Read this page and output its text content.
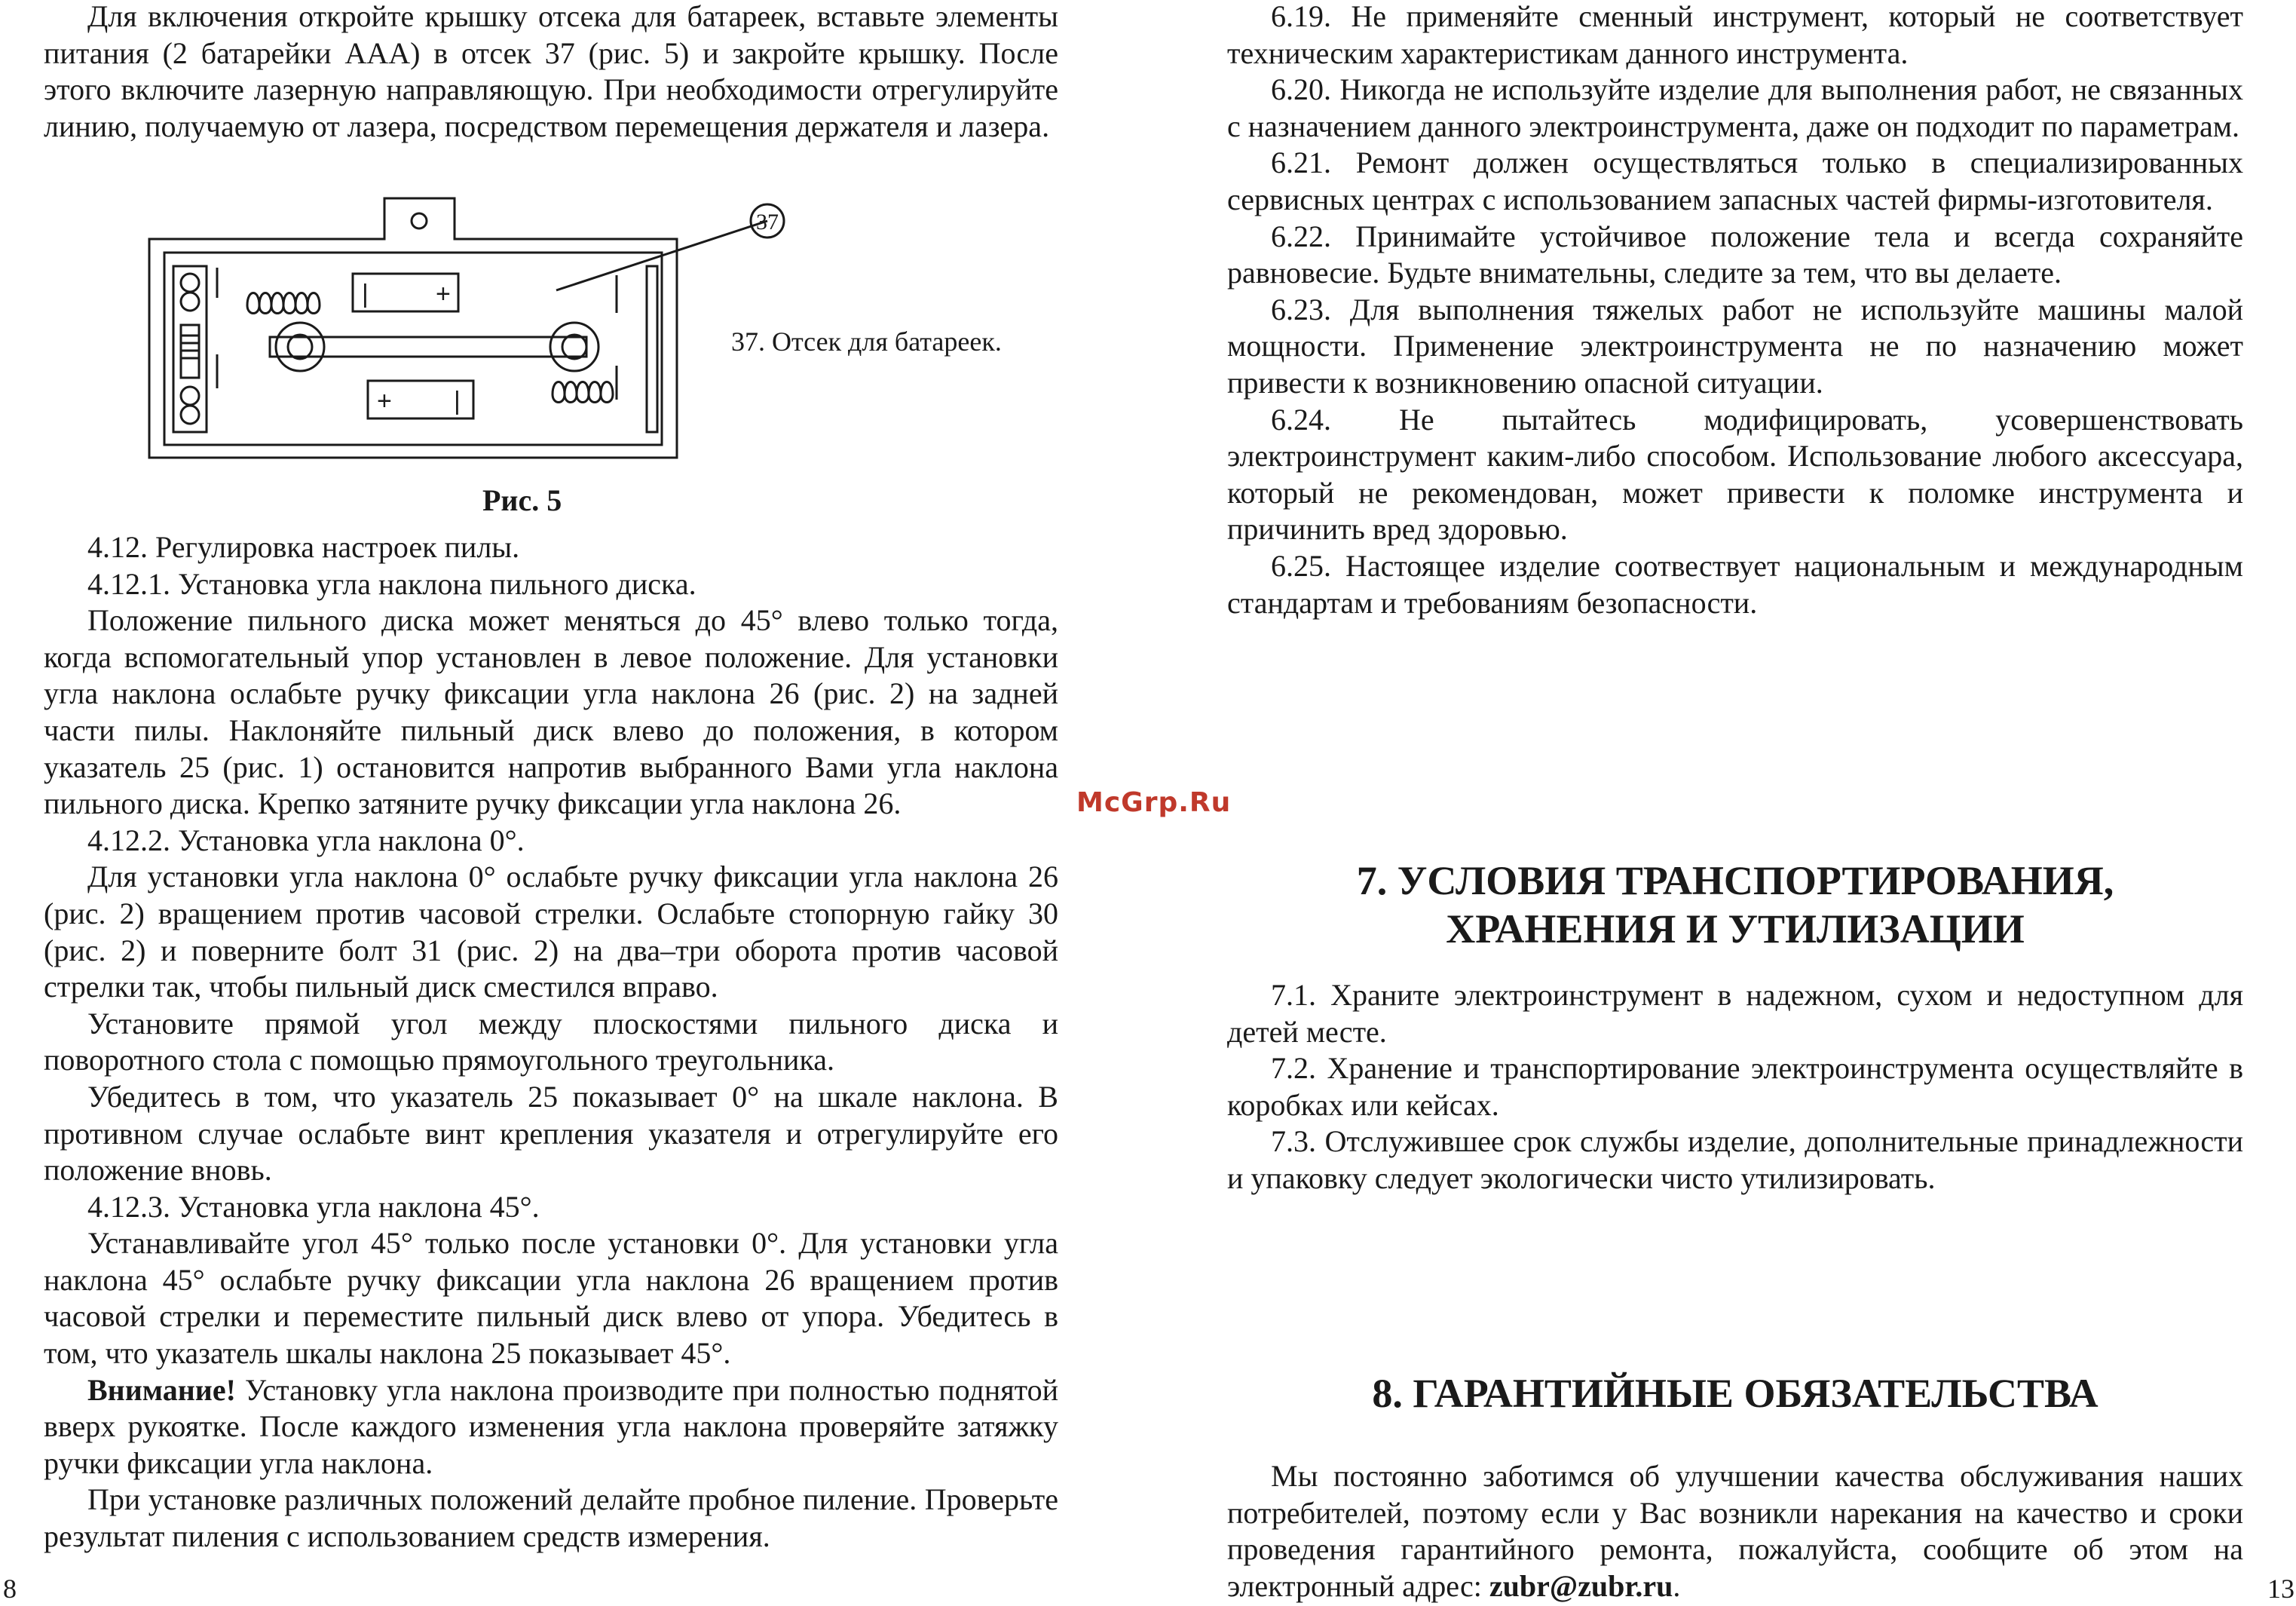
Для включения откройте крышку отсека для батареек, вставьте элементы питания (2 батарейки ААА) в отсек 37 (рис. 5) и закройте крышку. После этого включите лазерную направляющую. При необходимости отрегулируйте линию, получаемую от лазера, посредством перемещения держателя и лазера.

|	+
+ |
37
37. Отсек для батареек.
Рис. 5

4.12. Регулировка настроек пилы.

4.12.1. Установка угла наклона пильного диска.

Положение пильного диска может меняться до 45° влево только тогда, когда вспомогательный упор установлен в левое положение. Для установки угла наклона ослабьте ручку фиксации угла наклона 26 (рис. 2) на задней части пилы. Наклоняйте пильный диск влево до положения, в котором указатель 25 (рис. 1) остановится напротив выбранного Вами угла наклона пильного диска. Крепко затяните ручку фиксации угла наклона 26.

4.12.2. Установка угла наклона 0°.

Для установки угла наклона 0° ослабьте ручку фиксации угла наклона 26 (рис. 2) вращением против часовой стрелки. Ослабьте стопорную гайку 30 (рис. 2) и поверните болт 31 (рис. 2) на два–три оборота против часовой стрелки так, чтобы пильный диск сместился вправо.

Установите прямой угол между плоскостями пильного диска и поворотного стола с помощью прямоугольного треугольника.

Убедитесь в том, что указатель 25 показывает 0° на шкале наклона. В противном случае ослабьте винт крепления указателя и отрегулируйте его положение вновь.

4.12.3. Установка угла наклона 45°.

Устанавливайте угол 45° только после установки 0°. Для установки угла наклона 45° ослабьте ручку фиксации угла наклона 26 вращением против часовой стрелки и переместите пильный диск влево от упора. Убедитесь в том, что указатель шкалы наклона 25 показывает 45°.

Внимание! Установку угла наклона производите при полностью поднятой вверх рукоятке. После каждого изменения угла наклона проверяйте затяжку ручки фиксации угла наклона.

При установке различных положений делайте пробное пиление. Проверьте результат пиления с использованием средств измерения.

8
McGrp.Ru

6.19. Не применяйте сменный инструмент, который не соответствует техническим характеристикам данного инструмента.

6.20. Никогда не используйте изделие для выполнения работ, не связанных с назначением данного электроинструмента, даже он подходит по параметрам.

6.21. Ремонт должен осуществляться только в специализированных сервисных центрах с использованием запасных частей фирмы-изготовителя.

6.22. Принимайте устойчивое положение тела и всегда сохраняйте равновесие. Будьте внимательны, следите за тем, что вы делаете.

6.23. Для выполнения тяжелых работ не используйте машины малой мощности. Применение электроинструмента не по назначению может привести к возникновению опасной ситуации.

6.24. Не пытайтесь модифицировать, усовершенствовать электроинструмент каким-либо способом. Использование любого аксессуара, который не рекомендован, может привести к поломке инструмента и причинить вред здоровью.

6.25. Настоящее изделие соотвествует национальным и международным стандартам и требованиям безопасности.

7. УСЛОВИЯ ТРАНСПОРТИРОВАНИЯ,
ХРАНЕНИЯ И УТИЛИЗАЦИИ

7.1. Храните электроинструмент в надежном, сухом и недоступном для детей месте.

7.2. Хранение и транспортирование электроинструмента осуществляйте в коробках или кейсах.

7.3. Отслужившее срок службы изделие, дополнительные принадлежности и упаковку следует экологически чисто утилизировать.

8. ГАРАНТИЙНЫЕ ОБЯЗАТЕЛЬСТВА

Мы постоянно заботимся об улучшении качества обслуживания наших потребителей, поэтому если у Вас возникли нарекания на качество и сроки проведения гарантийного ремонта, пожалуйста, сообщите об этом на электронный адрес: zubr@zubr.ru.	13
